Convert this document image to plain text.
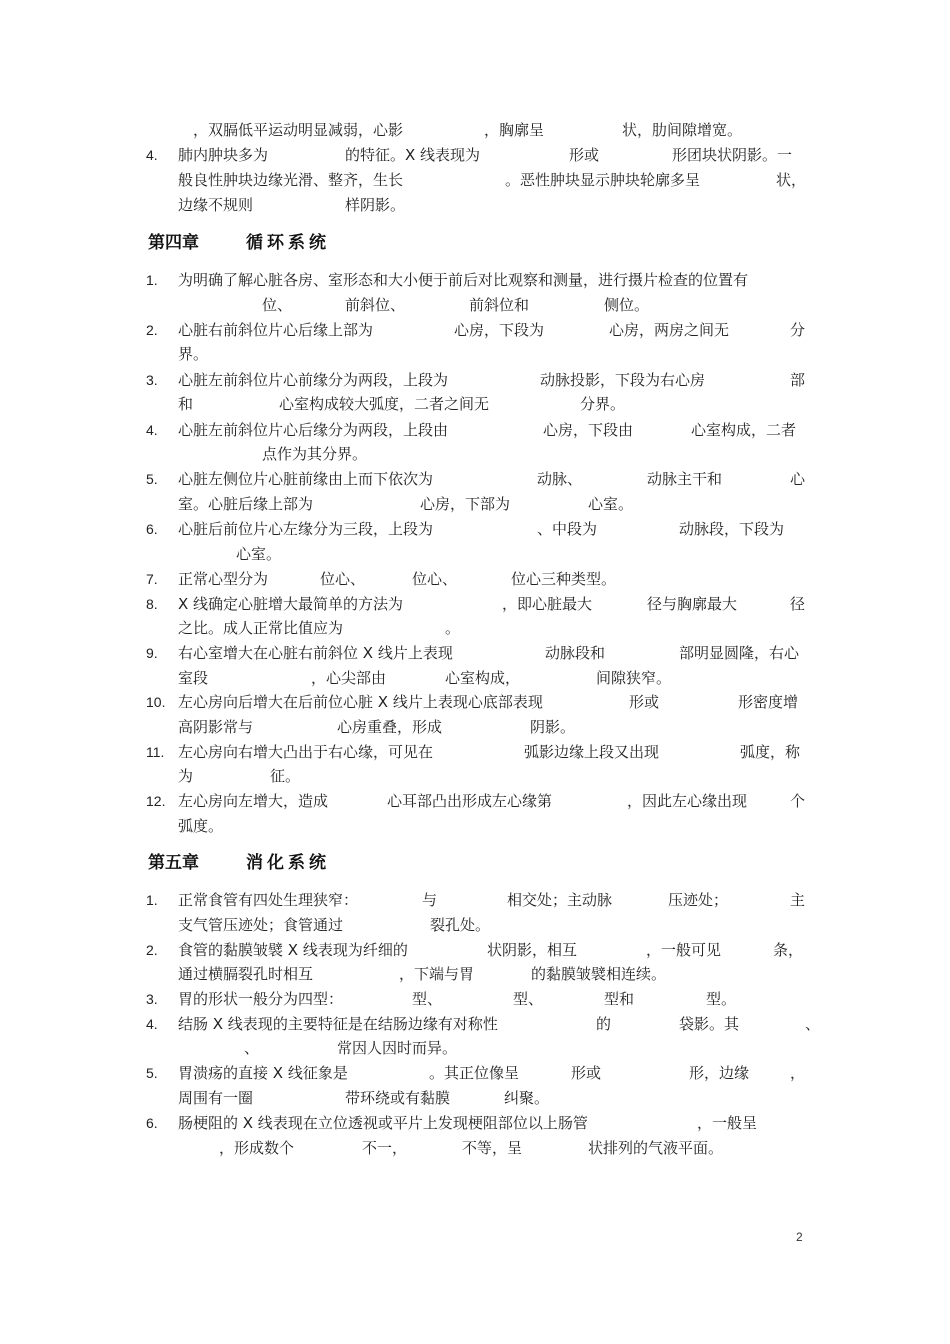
，双膈低平运动明显减弱，心影	，胸廓呈	状，肋间隙增宽。
4. 肺内肿块多为	的特征。X 线表现为	形或	形团块状阴影。一
般良性肿块边缘光滑、整齐，生长	。恶性肿块显示肿块轮廓多呈	状，
边缘不规则	样阴影。
1. 为明确了解心脏各房、室形态和大小便于前后对比观察和测量，进行摄片检查的位置有
位、	前斜位、	前斜位和	侧位。
2. 心脏右前斜位片心后缘上部为	心房，下段为	心房，两房之间无	分
界。
3. 心脏左前斜位片心前缘分为两段，上段为	动脉投影，下段为右心房	部
和	心室构成较大弧度，二者之间无	分界。
4. 心脏左前斜位片心后缘分为两段，上段由	心房，下段由	心室构成，二者
点作为其分界。
5. 心脏左侧位片心脏前缘由上而下依次为	动脉、	动脉主干和	心
室。心脏后缘上部为	心房，下部为	心室。
6. 心脏后前位片心左缘分为三段，上段为	、中段为	动脉段，下段为
心室。
7. 正常心型分为	位心、	位心、	位心三种类型。
8. X 线确定心脏增大最简单的方法为	，即心脏最大	径与胸廓最大	径
之比。成人正常比值应为	。
9. 右心室增大在心脏右前斜位 X 线片上表现	动脉段和	部明显圆隆，右心
室段	，心尖部由	心室构成，	间隙狭窄。
10. 左心房向后增大在后前位心脏 X 线片上表现心底部表现	形或	形密度增
高阴影常与	心房重叠，形成	阴影。
11. 左心房向右增大凸出于右心缘，可见在	弧影边缘上段又出现	弧度，称
为	征。
12. 左心房向左增大，造成	心耳部凸出形成左心缘第	，因此左心缘出现	个
弧度。
1. 正常食管有四处生理狭窄：	与	相交处；主动脉	压迹处；	主
支气管压迹处；食管通过	裂孔处。
2. 食管的黏膜皱襞 X 线表现为纤细的	状阴影，相互	，一般可见	条，
通过横膈裂孔时相互	，下端与胃	的黏膜皱襞相连续。
3. 胃的形状一般分为四型：	型、	型、	型和	型。
4. 结肠 X 线表现的主要特征是在结肠边缘有对称性	的	袋影。其	、
、	常因人因时而异。
5. 胃溃疡的直接 X 线征象是	。其正位像呈	形或	形，边缘	，
周围有一圈	带环绕或有黏膜	纠聚。
6. 肠梗阻的 X 线表现在立位透视或平片上发现梗阻部位以上肠管	，一般呈
，形成数个	不一，	不等，呈	状排列的气液平面。
第四章	循环系统
第五章	消化系统
2
